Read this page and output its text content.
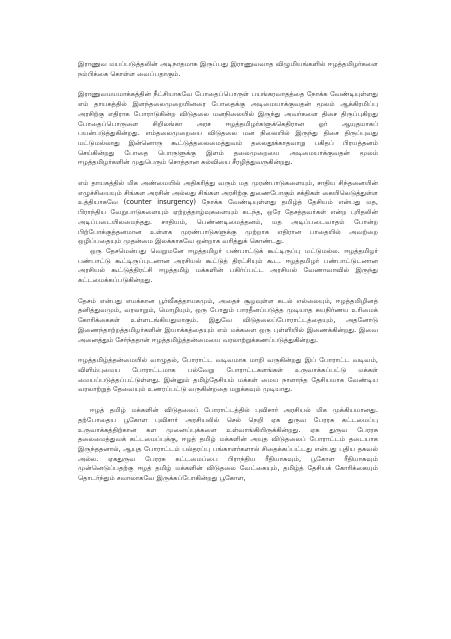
இராணுவ மயப்படுத்தலின் அடிநாதமாக இருப்பது இராணுவவாத விழுமியங்களில் ஈழத்தமிழர்களை நம்பிக்கை கொள்ள வைப்பதாகும்.

இராணுவமயமாக்கத்தின் நீட்சியாகவே போதைப்பொருள் பயங்கரவாதத்தை நோக்க வேண்டியுள்ளது எம் தாயகத்தில் இளந்தலைமுறையினரை போதைக்கு அடிமையாக்குவதன் மூலம் ஆக்கிரமிப்பு அரசிற்கு எதிராக போராடுகின்ற விடுதலை மனநிலையில் இருந்து அவர்களை திசை திருப்புகிறது போதைப்பொருளை சிறிலங்கா அரச ஈழத்தமிழர்களுக்கெதிரான ஓர் ஆயுதமாகப் பயன்படுத்துகின்றது. எம்தலைமுறையை விடுதலை மன நிலையில் இருந்து திசை திருப்புவது மட்டுமல்லாது இன்னொரு கூட்டுத்தலைமைத்துவம் தலைதூக்காதவாறு பகிதப் பிரயத்தனம் செய்கின்றது போதை பொருளுக்கு இளம் தலைமுறையை அடிமையாக்குவதன் மூலம் ஈழத்தமிழர்களின் முதுபெரும் சொத்தான கல்வியை சீரழித்துவருகின்றது.

எம் தாயகத்தில் மிக அண்மையில் அதிகரித்து வரும் மத முரண்பாடுகளையும், சாதிய சிந்தனையின் எழுச்சியையும் சிங்கள அரசின் அல்லது சிங்கள அரசிற்கு துணைபோகும் சக்திகள் கையிலெடுத்துள்ள உத்தியாகவே (counter insurgency) நோக்க வேண்டியுள்ளது தமிழ்த் தேசியம் என்பது மத, பிராந்திய வேறுபாடுகளையும் ஏற்றத்தாழ்வுகளையும் கடந்த, ஒரே தேசத்தவர்கள் என்ற புரிதலின் அடிப்படையிலமைந்தது. சாதியம், பெண்ணடிமைத்தனம், மத அடிப்படைவாதம் போன்ற பிற்போக்குத்தனமான உள்ளக முரண்பாடுகளுக்கு முற்றாக எதிரான பாதையில் அவற்றை ஒழிப்பதையும் முதன்மை இலக்காகவே ஒன்றாக வரித்துக் கொண்டது.

ஒரு தேசமென்பது வெறுமனே ஈழத்தமிழர் பண்பாட்டுக் கூட்டிருப்பு மட்டுமல்ல. ஈழத்தமிழர் பண்பாட்டு கூட்டிருப்புடனான அரசியல் கூட்டுத் திரட்சியும் கூட. ஈழத்தமிழர் பண்பாட்டுடனான அரசியல் கூட்டுத்திரட்சி ஈழத்தமிழ் மக்களின் பகிர்ப்பட்ட அரசியல் வேணாவாவில் இருந்து கட்டமைக்கப்படுகின்றது.

தேசம் என்பது எமக்கான பூர்வீகத்தாயகமும், அதைச் சூழவுள்ள கடல் எல்லையும், ஈழத்தமிழினத் தனித்துவமும், வரலாறும், மொழியும், ஒரு போதும் பாரதீனப்படுத்த முடியாத சுயநிர்ணய உரிமைக் கோரிக்கைகள் உள்ளடங்கியதுமாகும். இதுவே விடுதலைப்போராட்டத்தையும், அதனோடு இணைந்தாற்றத்தமிழர்களின் இயாக்கத்தையும் எம் மக்களை ஒரு புள்ளியில் இணைக்கின்றது. இவை அனைத்தும் சேர்ந்ததான் ஈழத்தமிழ்த்தன்மையை வரலாற்றுக்கணப்படுத்துகின்றது.

ஈழத்தமிழ்த்தன்மையில் வாழுதல், போராட்ட வடிவமாக மாறி வருகின்றது இப் போராட்ட வடிவம், விளிம்புமைய போராட்டமாக பல்வேறு போராட்டகளங்கள் உருவாக்கப்பட்டு மக்கள் மையப்படுத்தப்பட்டுள்ளது. இன்னும் தமிழ்தேசியம் மக்கள் மைய நாளாந்த தேசியமாக வேண்டிய வரலாற்றுத் தேவையும் உணரப்பட்டு வருகின்றதை மறுக்கவும் முடியாது.

ஈழத் தமிழ் மக்களின் விடுதலைப் போராட்டத்தில் புவிசார் அரசியல் மிக முக்கியமானது. தற்போதைய பூகோள புவிசார் அரசியலில் செல் நெறி ஏக துருவ பேரரசு கட்டமைப்பு உருவாக்கத்திற்கான கள முனைப்புக்களை உள்வாங்கியிருக்கின்றது. ஏக துருவ பேரரசு தலைமைத்துவக் கட்டமைப்புக்கு, ஈழத் தமிழ் மக்களின் அயுத விடுதலைப் போராட்டம் தடையாக இருந்ததனால், ஆயுத போராட்டம் பல்தரப்பு பங்காளர்களால் சிதைக்கப்பட்டது என்பது புதிய தகவல் அல்ல. ஏகதுருவ பேரரசு கட்டமைப்பை பிராந்திய ரீதியாகவும், பூகோள ரீதியாகவும் முன்னெடுப்பதற்கு ஈழத் தமிழ் மக்களின் விடுதலை வேட்கையும், தமிழ்த் தேசியக் கோரிக்கையும் தொடர்ந்தும் சவாலாகவே இருக்கப்போகின்றது பூகோள,
